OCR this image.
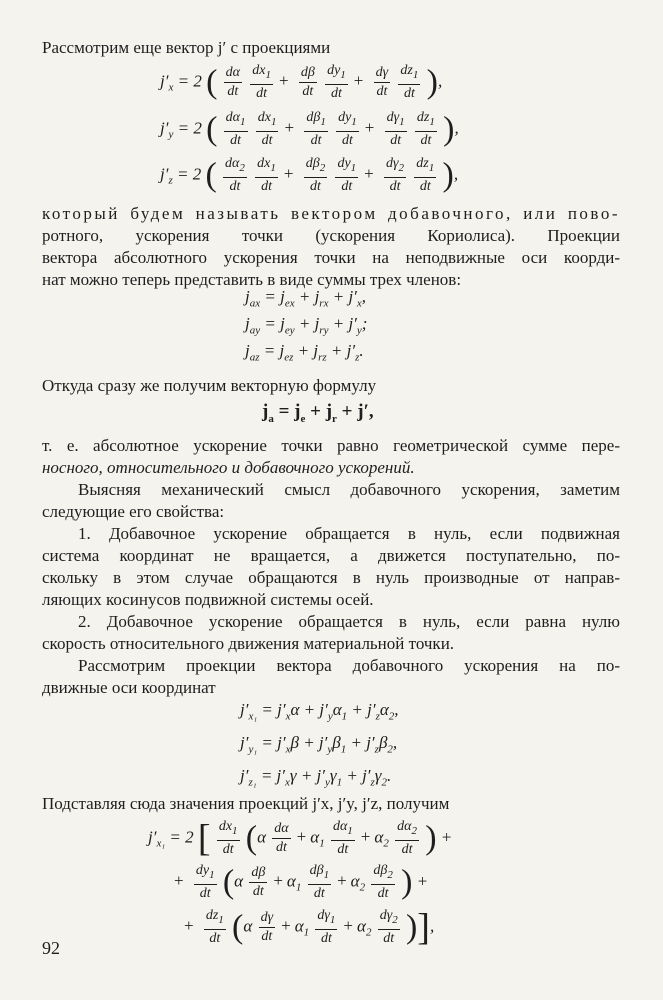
Рассмотрим еще вектор j′ с проекциями
$j'_x = 2$ ( $\frac{d\alpha}{dt}$
$\frac{dx_1}{dt} + \frac{d\beta}{dt}$
$\frac{dy_1}{dt} + \frac{d\gamma}{dt}$
$\frac{dz_1}{dt}$ ),
$j'_y = 2$ ( $\frac{d\alpha_1}{dt}$
$\frac{dx_1}{dt} + \frac{d\beta_1}{dt}$
$\frac{dy_1}{dt} + \frac{d\gamma_1}{dt}$
$\frac{dz_1}{dt}$ ),
$j'_z = 2$ ( $\frac{d\alpha_2}{dt}$
$\frac{dx_1}{dt} + \frac{d\beta_2}{dt}$
$\frac{dy_1}{dt} + \frac{d\gamma_2}{dt}$
$\frac{dz_1}{dt}$ ),
который будем называть вектором добавочного, или пово-
ротного, ускорения точки (ускорения Кориолиса). Проекции
вектора абсолютного ускорения точки на неподвижные оси коорди-
нат можно теперь представить в виде суммы трех членов:
$j_{ax} = j_{ex} + j_{rx} + j'_x$,
$j_{ay} = j_{ey} + j_{ry} + j'_y$;
$j_{az} = j_{ez} + j_{rz} + j'_z$.
Откуда сразу же получим векторную формулу
$j_a = j_e + j_r + j'$,
т. е. абсолютное ускорение точки равно геометрической сумме пере-
носного, относительного и добавочного ускорений.
Выясняя механический смысл добавочного ускорения, заметим
следующие его свойства:
1. Добавочное ускорение обращается в нуль, если подвижная
система координат не вращается, а движется поступательно, по-
скольку в этом случае обращаются в нуль производные от направ-
ляющих косинусов подвижной системы осей.
2. Добавочное ускорение обращается в нуль, если равна нулю
скорость относительного движения материальной точки.
Рассмотрим проекции вектора добавочного ускорения на по-
движные оси координат
$j'_{x_1} = j'_x\alpha + j'_y\alpha_1 + j'_z\alpha_2$,
$j'_{y_1} = j'_x\beta + j'_y\beta_1 + j'_z\beta_2$,
$j'_{z_1} = j'_x\gamma + j'_y\gamma_1 + j'_z\gamma_2$.
Подставляя сюда значения проекций j′x, j′y, j′z, получим
$j'_{x_1} = 2$ [ $\frac{dx_1}{dt} (\alpha \frac{d\alpha}{dt} + \alpha_1 \frac{d\alpha_1}{dt} + \alpha_2 \frac{d\alpha_2}{dt}$ ) +
+ $\frac{dy_1}{dt} (\alpha \frac{d\beta}{dt} + \alpha_1 \frac{d\beta_1}{dt} + \alpha_2 \frac{d\beta_2}{dt}$ ) +
+ $\frac{dz_1}{dt} (\alpha \frac{d\gamma}{dt} + \alpha_1 \frac{d\gamma_1}{dt} + \alpha_2 \frac{d\gamma_2}{dt}$ )],
92
